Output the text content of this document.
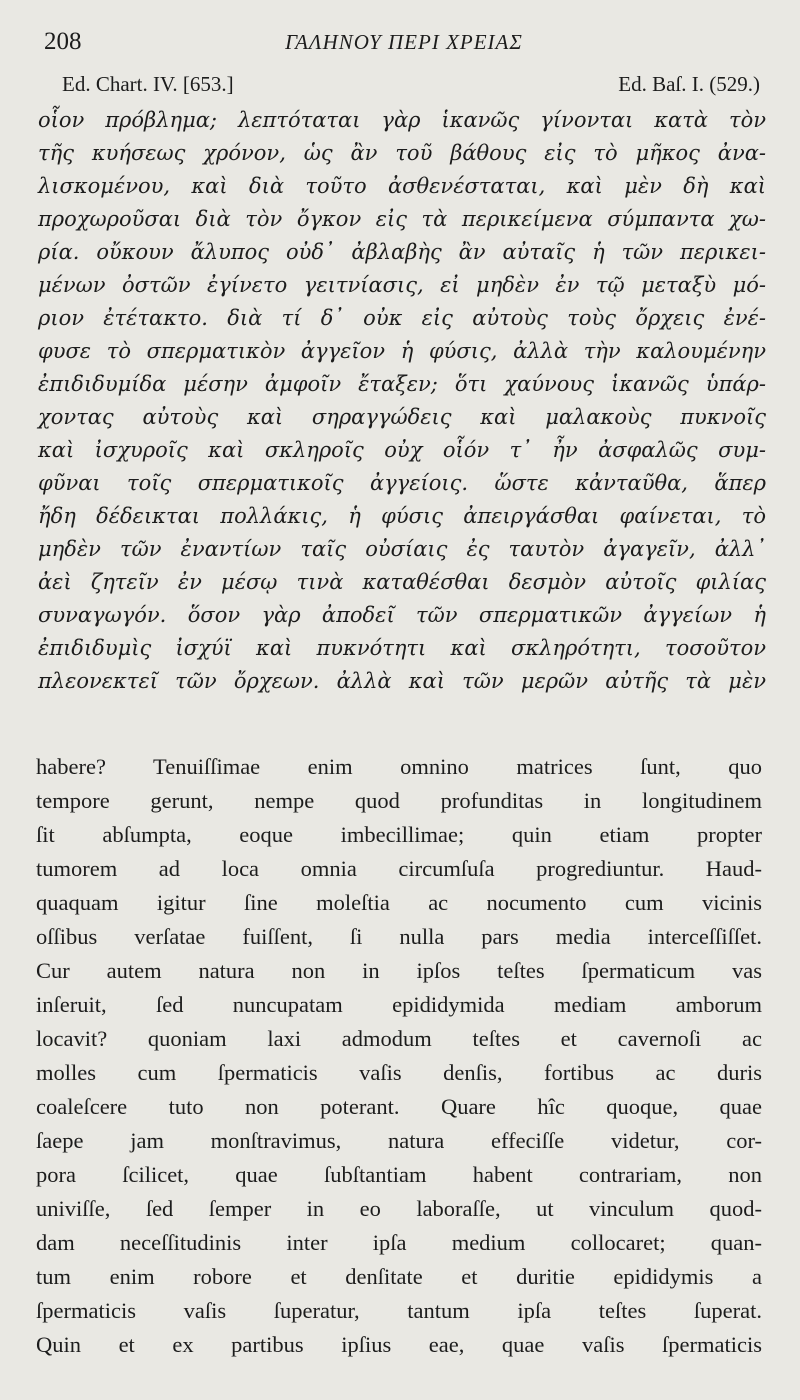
208	ΓΑΛΗΝΟΥ ΠΕΡΙ ΧΡΕΙΑΣ
Ed. Chart. IV. [653.]	Ed. Baſ. I. (529.)
οἷον πρόβλημα; λεπτόταται γὰρ ἱκανῶς γίνονται κατὰ τὸν
τῆς κυήσεως χρόνον, ὡς ἂν τοῦ βάθους εἰς τὸ μῆκος ἀνα-
λισκομένου, καὶ διὰ τοῦτο ἀσθενέσταται, καὶ μὲν δὴ καὶ
προχωροῦσαι διὰ τὸν ὄγκον εἰς τὰ περικείμενα σύμπαντα χω-
ρία. οὔκουν ἄλυπος οὐδ᾽ ἀβλαβὴς ἂν αὐταῖς ἡ τῶν περικει-
μένων ὀστῶν ἐγίνετο γειτνίασις, εἰ μηδὲν ἐν τῷ μεταξὺ μό-
ριον ἐτέτακτο. διὰ τί δ᾽ οὐκ εἰς αὐτοὺς τοὺς ὄρχεις ἐνέ-
φυσε τὸ σπερματικὸν ἀγγεῖον ἡ φύσις, ἀλλὰ τὴν καλουμένην
ἐπιδιδυμίδα μέσην ἀμφοῖν ἔταξεν; ὅτι χαύνους ἱκανῶς ὑπάρ-
χοντας αὐτοὺς καὶ σηραγγώδεις καὶ μαλακοὺς πυκνοῖς
καὶ ἰσχυροῖς καὶ σκληροῖς οὐχ οἷόν τ᾽ ἦν ἀσφαλῶς συμ-
φῦναι τοῖς σπερματικοῖς ἀγγείοις. ὥστε κἀνταῦθα, ἅπερ
ἤδη δέδεικται πολλάκις, ἡ φύσις ἀπειργάσθαι φαίνεται, τὸ
μηδὲν τῶν ἐναντίων ταῖς οὐσίαις ἐς ταυτὸν ἀγαγεῖν, ἀλλ᾽
ἀεὶ ζητεῖν ἐν μέσῳ τινὰ καταθέσθαι δεσμὸν αὐτοῖς φιλίας
συναγωγόν. ὅσον γὰρ ἀποδεῖ τῶν σπερματικῶν ἀγγείων ἡ
ἐπιδιδυμὶς ἰσχύϊ καὶ πυκνότητι καὶ σκληρότητι, τοσοῦτον
πλεονεκτεῖ τῶν ὄρχεων. ἀλλὰ καὶ τῶν μερῶν αὐτῆς τὰ μὲν
habere? Tenuiſſimae enim omnino matrices ſunt, quo
tempore gerunt, nempe quod profunditas in longitudinem
ſit abſumpta, eoque imbecillimae; quin etiam propter
tumorem ad loca omnia circumſuſa progrediuntur. Haud-
quaquam igitur ſine moleſtia ac nocumento cum vicinis
oſſibus verſatae fuiſſent, ſi nulla pars media interceſſiſſet.
Cur autem natura non in ipſos teſtes ſpermaticum vas
inſeruit, ſed nuncupatam epididymida mediam amborum
locavit? quoniam laxi admodum teſtes et cavernoſi ac
molles cum ſpermaticis vaſis denſis, fortibus ac duris
coaleſcere tuto non poterant. Quare hîc quoque, quae
ſaepe jam monſtravimus, natura effeciſſe videtur, cor-
pora ſcilicet, quae ſubſtantiam habent contrariam, non
univiſſe, ſed ſemper in eo laboraſſe, ut vinculum quod-
dam neceſſitudinis inter ipſa medium collocaret; quan-
tum enim robore et denſitate et duritie epididymis a
ſpermaticis vaſis ſuperatur, tantum ipſa teſtes ſuperat.
Quin et ex partibus ipſius eae, quae vaſis ſpermaticis
